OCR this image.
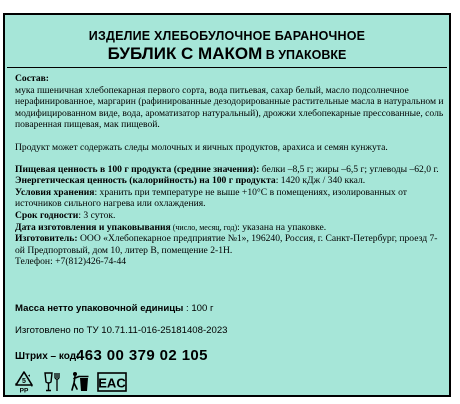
ИЗДЕЛИЕ ХЛЕБОБУЛОЧНОЕ БАРАНОЧНОЕ
БУБЛИК С МАКОМ В УПАКОВКЕ

Состав:

мука пшеничная хлебопекарная первого сорта, вода питьевая, сахар белый, масло подсолнечное

нерафинированное, маргарин (рафинированные дезодорированные растительные масла в натуральном и

модифицированном виде, вода, ароматизатор натуральный), дрожжи хлебопекарные прессованные, соль

поваренная пищевая, мак пищевой.

Продукт может содержать следы молочных и яичных продуктов, арахиса и семян кунжута.

Пищевая ценность в 100 г продукта (средние значения): белки –8,5 г; жиры –6,5 г; углеводы –62,0 г.

Энергетическая ценность (калорийность) на 100 г продукта: 1420 кДж / 340 ккал.

Условия хранения: хранить при температуре не выше +10°С в помещениях, изолированных от

источников сильного нагрева или охлаждения.

Срок годности: 3 суток.

Дата изготовления и упаковывания (число, месяц, год): указана на упаковке.

Изготовитель: ООО «Хлебопекарное предприятие №1», 196240, Россия, г. Санкт-Петербург, проезд 7-

ой Предпортовый, дом 10, литер В, помещение 2-1Н.

Телефон: +7(812)426-74-44

Масса нетто упаковочной единицы : 100 г
Изготовлено по ТУ 10.71.11-016-25181408-2023
Штрих – код:
463 00 379 02 105
5
PP
EAC
